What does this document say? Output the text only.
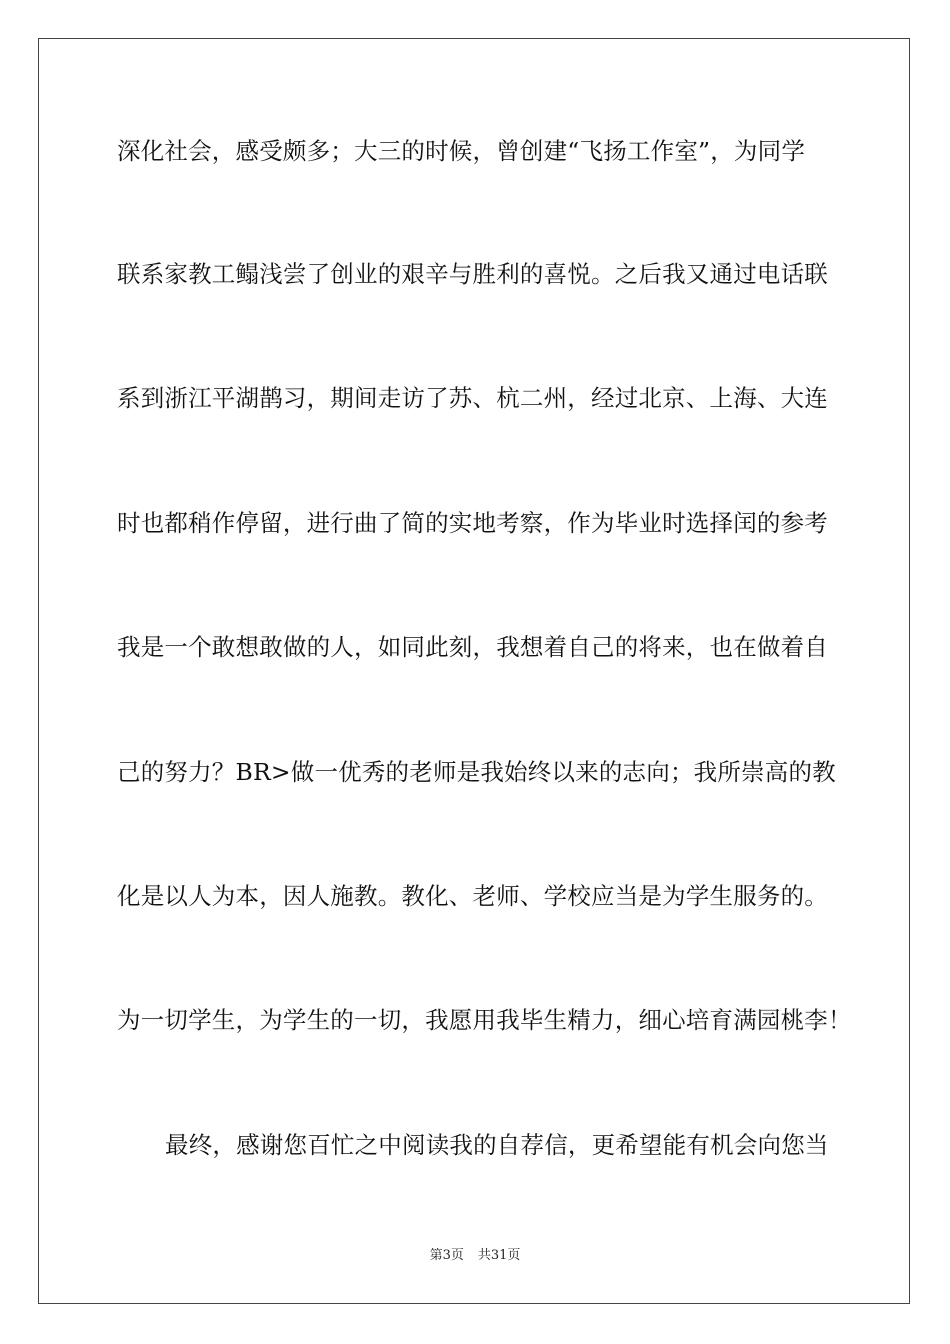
深化社会，感受颇多；大三的时候，曾创建“飞扬工作室”，为同学
联系家教工鳎浅尝了创业的艰辛与胜利的喜悦。之后我又通过电话联
系到浙江平湖鹊习，期间走访了苏、杭二州，经过北京、上海、大连
时也都稍作停留，进行曲了简的实地考察，作为毕业时选择闰的参考
我是一个敢想敢做的人，如同此刻，我想着自己的将来，也在做着自
己的努力？BR>做一优秀的老师是我始终以来的志向；我所崇高的教
化是以人为本，因人施教。教化、老师、学校应当是为学生服务的。
为一切学生，为学生的一切，我愿用我毕生精力，细心培育满园桃李！
最终，感谢您百忙之中阅读我的自荐信，更希望能有机会向您当
第3页 共31页
